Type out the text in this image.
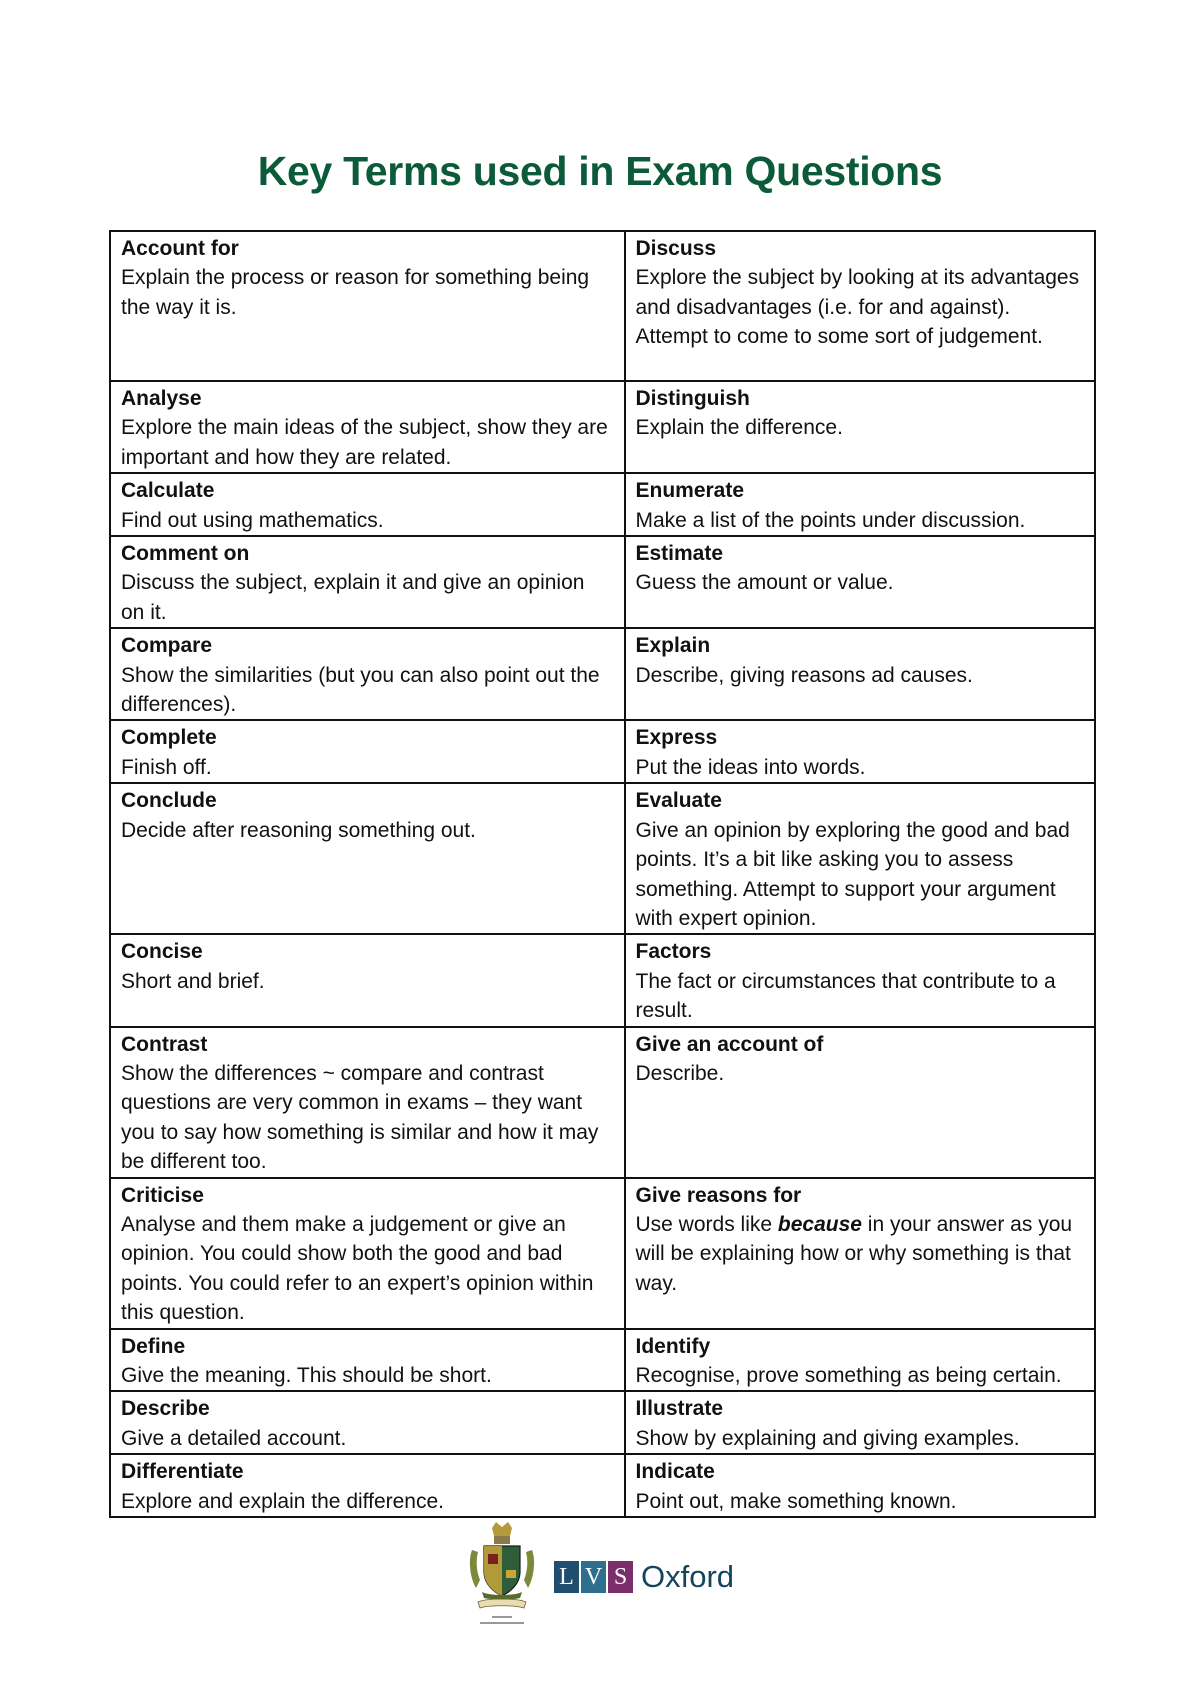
Key Terms used in Exam Questions
Account for
Explain the process or reason for something being the way it is.	Discuss
Explore the subject by looking at its advantages and disadvantages (i.e. for and against). Attempt to come to some sort of judgement.

Analyse
Explore the main ideas of the subject, show they are important and how they are related.	Distinguish
Explain the difference.

Calculate
Find out using mathematics.	Enumerate
Make a list of the points under discussion.

Comment on
Discuss the subject, explain it and give an opinion on it.	Estimate
Guess the amount or value.

Compare
Show the similarities (but you can also point out the differences).	Explain
Describe, giving reasons ad causes.

Complete
Finish off.	Express
Put the ideas into words.

Conclude
Decide after reasoning something out.	Evaluate
Give an opinion by exploring the good and bad points. It’s a bit like asking you to assess something. Attempt to support your argument with expert opinion.

Concise
Short and brief.	Factors
The fact or circumstances that contribute to a result.

Contrast
Show the differences ~ compare and contrast questions are very common in exams – they want you to say how something is similar and how it may be different too.	Give an account of
Describe.

Criticise
Analyse and them make a judgement or give an opinion. You could show both the good and bad points. You could refer to an expert’s opinion within this question.	Give reasons for
Use words like because in your answer as you will be explaining how or why something is that way.

Define
Give the meaning. This should be short.	Identify
Recognise, prove something as being certain.

Describe
Give a detailed account.	Illustrate
Show by explaining and giving examples.

Differentiate
Explore and explain the difference.	Indicate
Point out, make something known.
L V S Oxford
